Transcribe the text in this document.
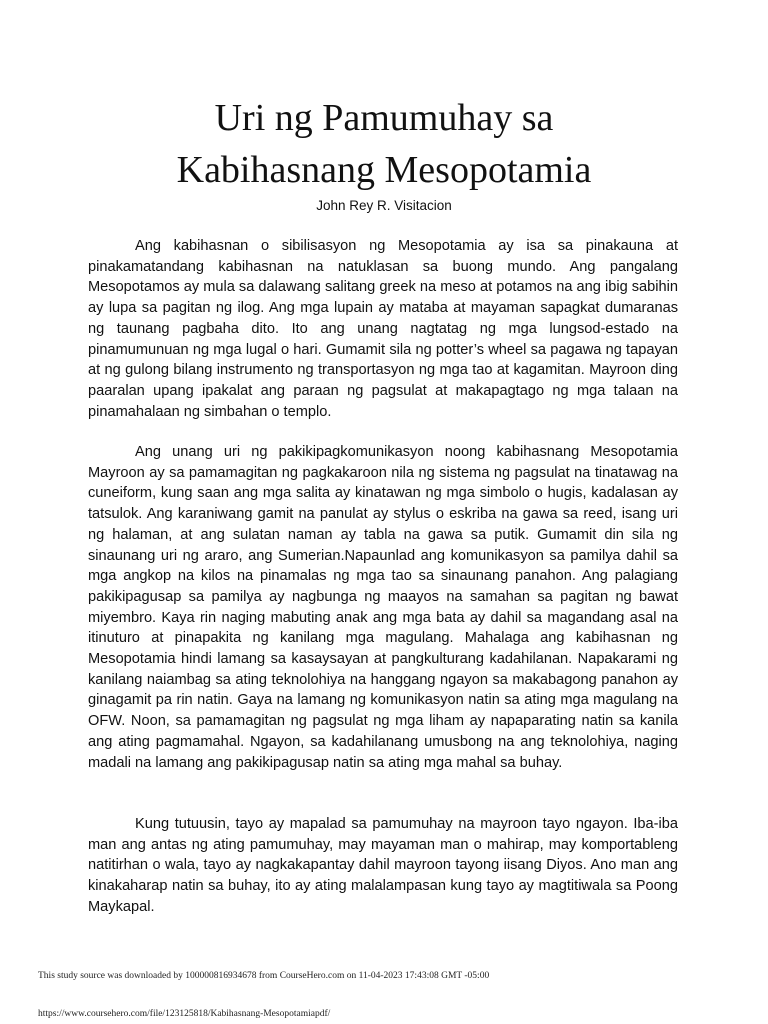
Uri ng Pamumuhay sa
Kabihasnang Mesopotamia
John Rey R. Visitacion

Ang kabihasnan o sibilisasyon ng Mesopotamia ay isa sa pinakauna at pinakamatandang kabihasnan na natuklasan sa buong mundo. Ang pangalang Mesopotamos ay mula sa dalawang salitang greek na meso at potamos na ang ibig sabihin ay lupa sa pagitan ng ilog. Ang mga lupain ay mataba at mayaman sapagkat dumaranas ng taunang pagbaha dito. Ito ang unang nagtatag ng mga lungsod-estado na pinamumunuan ng mga lugal o hari. Gumamit sila ng potter’s wheel sa pagawa ng tapayan at ng gulong bilang instrumento ng transportasyon ng mga tao at kagamitan. Mayroon ding paaralan upang ipakalat ang paraan ng pagsulat at makapagtago ng mga talaan na pinamahalaan ng simbahan o templo.

Ang unang uri ng pakikipagkomunikasyon noong kabihasnang Mesopotamia Mayroon ay sa pamamagitan ng pagkakaroon nila ng sistema ng pagsulat na tinatawag na cuneiform, kung saan ang mga salita ay kinatawan ng mga simbolo o hugis, kadalasan ay tatsulok. Ang karaniwang gamit na panulat ay stylus o eskriba na gawa sa reed, isang uri ng halaman, at ang sulatan naman ay tabla na gawa sa putik. Gumamit din sila ng sinaunang uri ng araro, ang Sumerian.Napaunlad ang komunikasyon sa pamilya dahil sa mga angkop na kilos na pinamalas ng mga tao sa sinaunang panahon. Ang palagiang pakikipagusap sa pamilya ay nagbunga ng maayos na samahan sa pagitan ng bawat miyembro. Kaya rin naging mabuting anak ang mga bata ay dahil sa magandang asal na itinuturo at pinapakita ng kanilang mga magulang. Mahalaga ang kabihasnan ng Mesopotamia hindi lamang sa kasaysayan at pangkulturang kadahilanan. Napakarami ng kanilang naiambag sa ating teknolohiya na hanggang ngayon sa makabagong panahon ay ginagamit pa rin natin. Gaya na lamang ng komunikasyon natin sa ating mga magulang na OFW. Noon, sa pamamagitan ng pagsulat ng mga liham ay napaparating natin sa kanila ang ating pagmamahal. Ngayon, sa kadahilanang umusbong na ang teknolohiya, naging madali na lamang ang pakikipagusap natin sa ating mga mahal sa buhay.

Kung tutuusin, tayo ay mapalad sa pamumuhay na mayroon tayo ngayon. Iba-iba man ang antas ng ating pamumuhay, may mayaman man o mahirap, may komportableng natitirhan o wala, tayo ay nagkakapantay dahil mayroon tayong iisang Diyos. Ano man ang kinakaharap natin sa buhay, ito ay ating malalampasan kung tayo ay magtitiwala sa Poong Maykapal.

This study source was downloaded by 100000816934678 from CourseHero.com on 11-04-2023 17:43:08 GMT -05:00
https://www.coursehero.com/file/123125818/Kabihasnang-Mesopotamiapdf/
